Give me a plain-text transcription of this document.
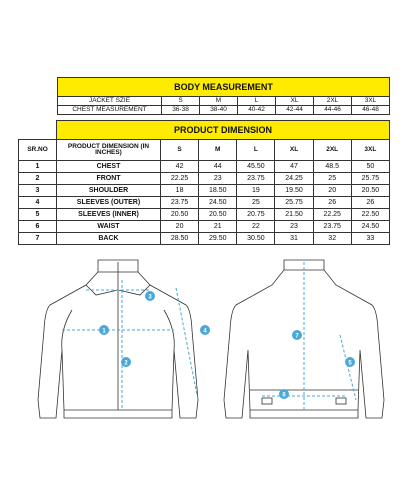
BODY MEASUREMENT						
JACKET SZIE	S	M	L	XL	2XL	3XL
CHEST MEASUREMENT	36-38	38-40	40-42	42-44	44-46	46-48
	PRODUCT DIMENSION						
SR.NO	PRODUCT DIMENSION (IN INCHES)	S	M	L	XL	2XL	3XL
1	CHEST	42	44	45.50	47	48.5	50
2	FRONT	22.25	23	23.75	24.25	25	25.75
3	SHOULDER	18	18.50	19	19.50	20	20.50
4	SLEEVES (OUTER)	23.75	24.50	25	25.75	26	26
5	SLEEVES (INNER)	20.50	20.50	20.75	21.50	22.25	22.50
6	WAIST	20	21	22	23	23.75	24.50
7	BACK	28.50	29.50	30.50	31	32	33
1
2
3
4
5
6
7
